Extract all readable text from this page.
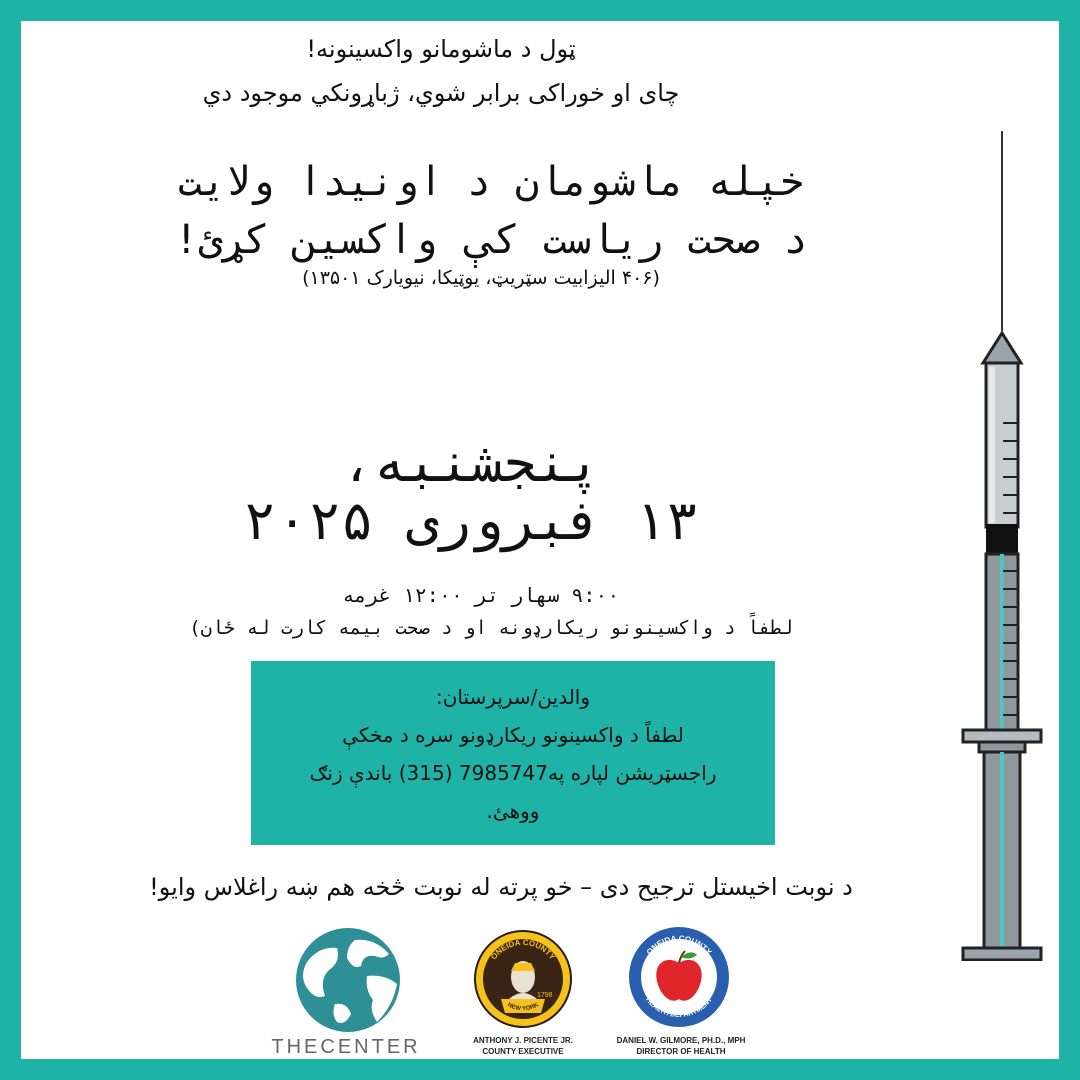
ټول د ماشومانو واکسینونه!
چای او خوراکی برابر شوي، ژباړونکي موجود دي
خپله ماشومان د اونیدا ولایت
د صحت ریاست کې واکسین کړئ!
(۴۰۶ الیزابیت سټریټ، یوټیکا، نیویارک ۱۳۵۰۱)
پنجشنبه،
۱۳ فبروری ۲۰۲۵
۹:۰۰ سهار تر ۱۲:۰۰ غرمه
لطفاً د واکسینونو ریکارډونه او د صحت بیمه کارت له ځان)
والدین/سرپرستان:
لطفاً د واکسینونو ریکارډونو سره د مخکې
راجسټریشن لپاره په7985747 (315) باندې زنګ
ووهئ.
د نوبت اخیستل ترجیح دی – خو پرته له نوبت څخه هم ښه راغلاس وایو!
THECENTER
ONEIDA COUNTY
1798
NEW YORK
ANTHONY J. PICENTE JR.
COUNTY EXECUTIVE
ONEIDA COUNTY
HEALTH DEPARTMENT
DANIEL W. GILMORE, PH.D., MPH
DIRECTOR OF HEALTH
